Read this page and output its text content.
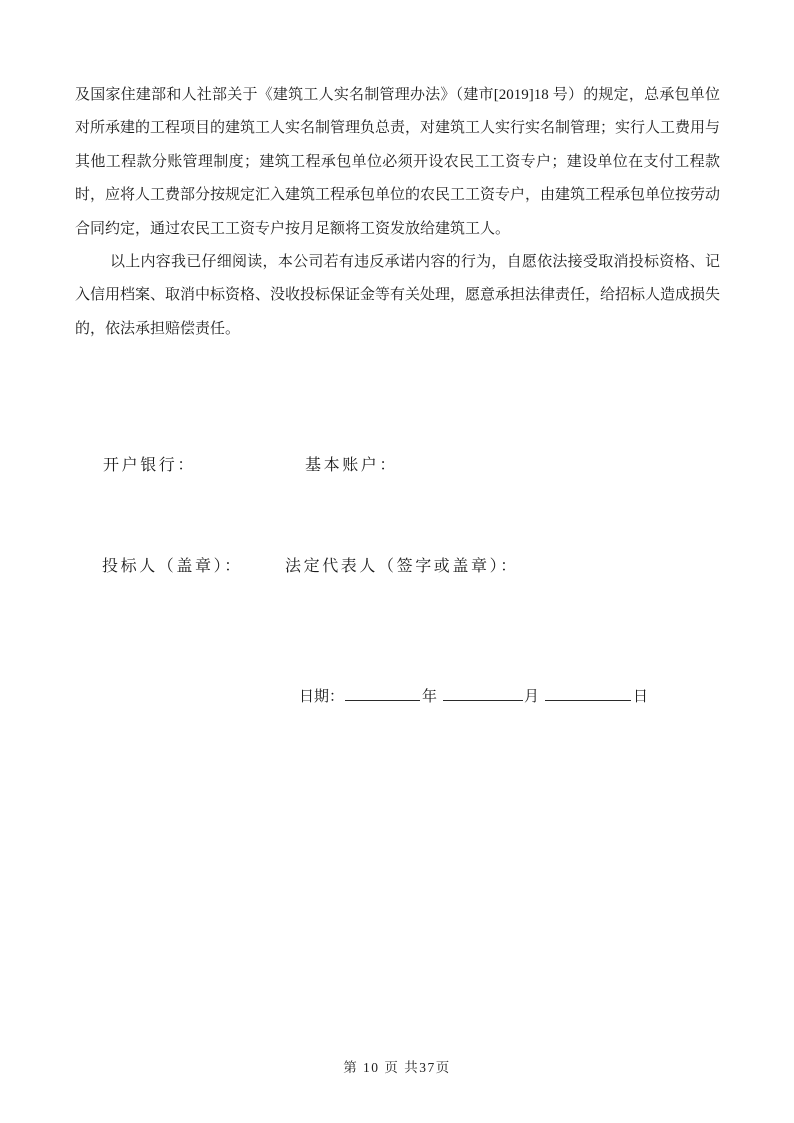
及国家住建部和人社部关于《建筑工人实名制管理办法》（建市[2019]18 号）的规定，总承包单位对所承建的工程项目的建筑工人实名制管理负总责，对建筑工人实行实名制管理；实行人工费用与其他工程款分账管理制度；建筑工程承包单位必须开设农民工工资专户；建设单位在支付工程款时，应将人工费部分按规定汇入建筑工程承包单位的农民工工资专户，由建筑工程承包单位按劳动合同约定，通过农民工工资专户按月足额将工资发放给建筑工人。

以上内容我已仔细阅读，本公司若有违反承诺内容的行为，自愿依法接受取消投标资格、记入信用档案、取消中标资格、没收投标保证金等有关处理，愿意承担法律责任，给招标人造成损失的，依法承担赔偿责任。

开户银行：	基本账户：
投标人（盖章）：	法定代表人（签字或盖章）：
日期：	年	月	日
第 10 页 共37页
